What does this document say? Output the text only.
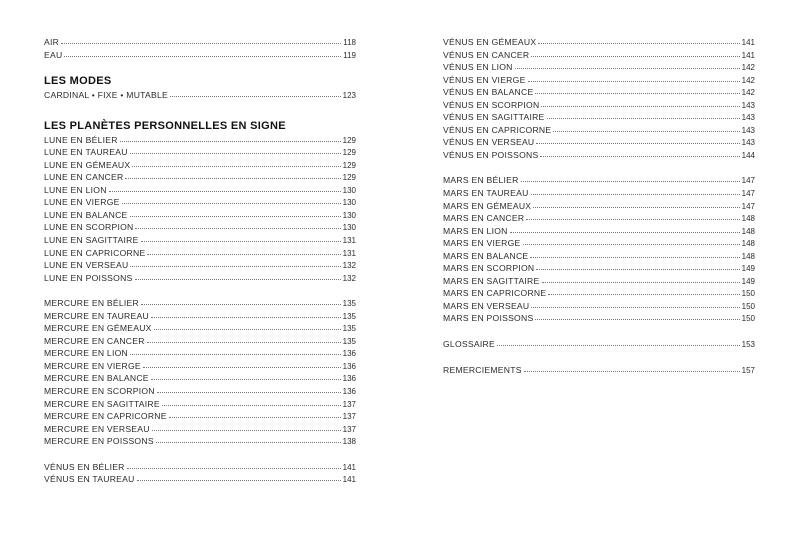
AIR	118
EAU	119
LES MODES
CARDINAL • FIXE • MUTABLE	123
LES PLANÈTES PERSONNELLES EN SIGNE
LUNE EN BÉLIER	129
LUNE EN TAUREAU	129
LUNE EN GÉMEAUX	129
LUNE EN CANCER	129
LUNE EN LION	130
LUNE EN VIERGE	130
LUNE EN BALANCE	130
LUNE EN SCORPION	130
LUNE EN SAGITTAIRE	131
LUNE EN CAPRICORNE	131
LUNE EN VERSEAU	132
LUNE EN POISSONS	132
MERCURE EN BÉLIER	135
MERCURE EN TAUREAU	135
MERCURE EN GÉMEAUX	135
MERCURE EN CANCER	135
MERCURE EN LION	136
MERCURE EN VIERGE	136
MERCURE EN BALANCE	136
MERCURE EN SCORPION	136
MERCURE EN SAGITTAIRE	137
MERCURE EN CAPRICORNE	137
MERCURE EN VERSEAU	137
MERCURE EN POISSONS	138
VÉNUS EN BÉLIER	141
VÉNUS EN TAUREAU	141
VÉNUS EN GÉMEAUX	141
VÉNUS EN CANCER	141
VÉNUS EN LION	142
VÉNUS EN VIERGE	142
VÉNUS EN BALANCE	142
VÉNUS EN SCORPION	143
VÉNUS EN SAGITTAIRE	143
VÉNUS EN CAPRICORNE	143
VÉNUS EN VERSEAU	143
VÉNUS EN POISSONS	144
MARS EN BÉLIER	147
MARS EN TAUREAU	147
MARS EN GÉMEAUX	147
MARS EN CANCER	148
MARS EN LION	148
MARS EN VIERGE	148
MARS EN BALANCE	148
MARS EN SCORPION	149
MARS EN SAGITTAIRE	149
MARS EN CAPRICORNE	150
MARS EN VERSEAU	150
MARS EN POISSONS	150
GLOSSAIRE	153
REMERCIEMENTS	157
